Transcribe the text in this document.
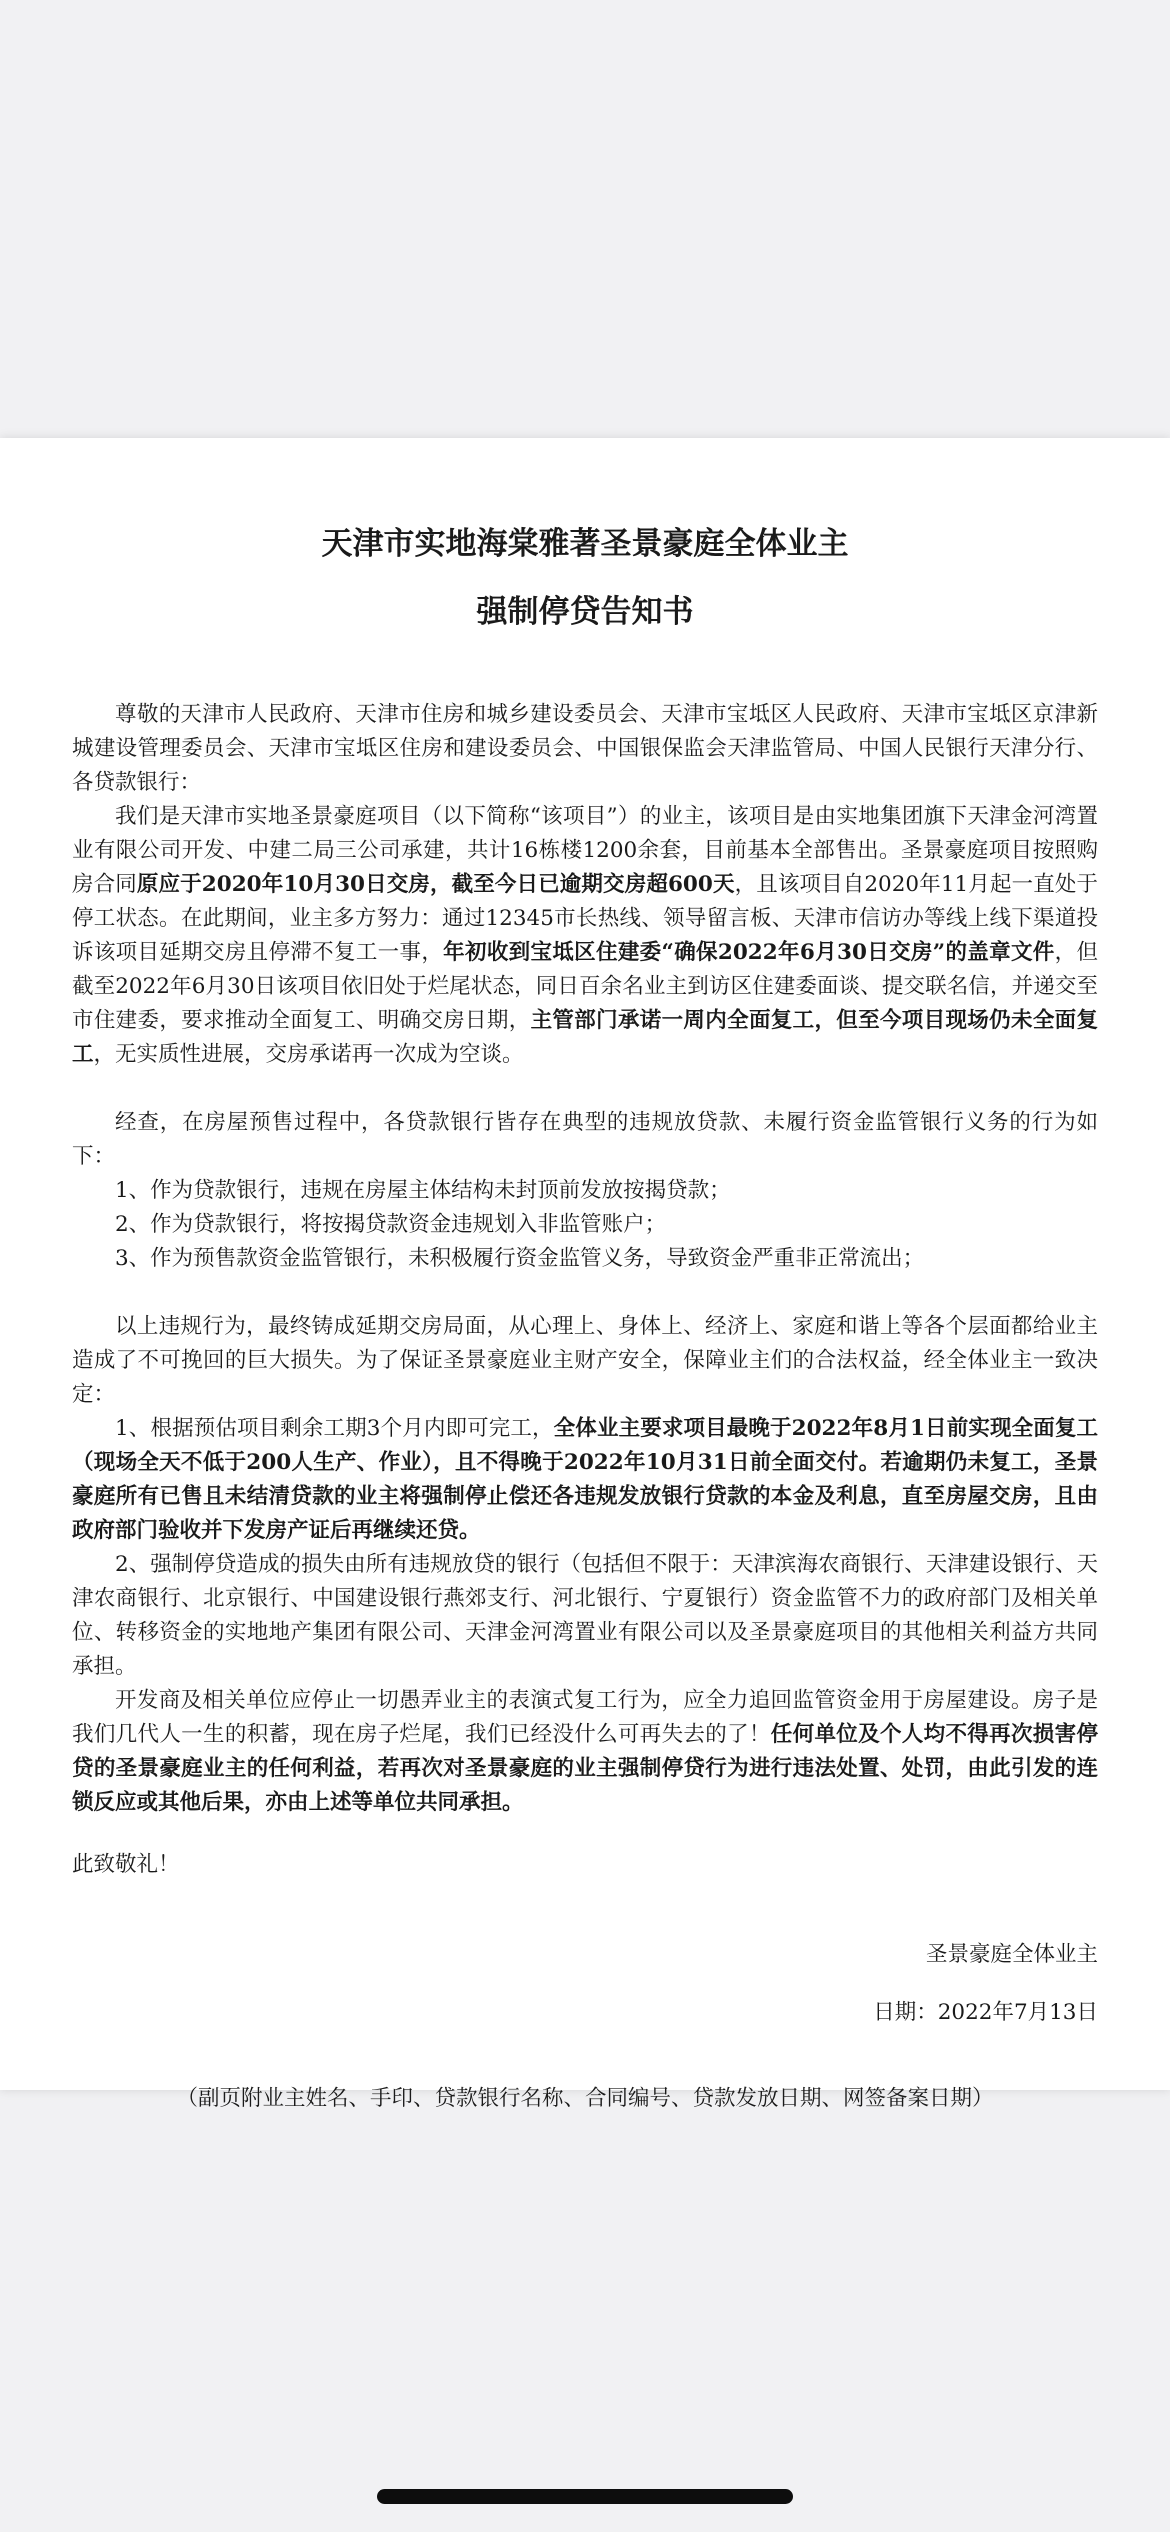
天津市实地海棠雅著圣景豪庭全体业主
强制停贷告知书

尊敬的天津市人民政府、天津市住房和城乡建设委员会、天津市宝坻区人民政府、天津市宝坻区京津新城建设管理委员会、天津市宝坻区住房和建设委员会、中国银保监会天津监管局、中国人民银行天津分行、各贷款银行：

我们是天津市实地圣景豪庭项目（以下简称“该项目”）的业主，该项目是由实地集团旗下天津金河湾置业有限公司开发、中建二局三公司承建，共计16栋楼1200余套，目前基本全部售出。圣景豪庭项目按照购房合同原应于2020年10月30日交房，截至今日已逾期交房超600天，且该项目自2020年11月起一直处于停工状态。在此期间，业主多方努力：通过12345市长热线、领导留言板、天津市信访办等线上线下渠道投诉该项目延期交房且停滞不复工一事，年初收到宝坻区住建委“确保2022年6月30日交房”的盖章文件，但截至2022年6月30日该项目依旧处于烂尾状态，同日百余名业主到访区住建委面谈、提交联名信，并递交至市住建委，要求推动全面复工、明确交房日期，主管部门承诺一周内全面复工，但至今项目现场仍未全面复工，无实质性进展，交房承诺再一次成为空谈。

经查，在房屋预售过程中，各贷款银行皆存在典型的违规放贷款、未履行资金监管银行义务的行为如下：

1、作为贷款银行，违规在房屋主体结构未封顶前发放按揭贷款；

2、作为贷款银行，将按揭贷款资金违规划入非监管账户；

3、作为预售款资金监管银行，未积极履行资金监管义务，导致资金严重非正常流出；

以上违规行为，最终铸成延期交房局面，从心理上、身体上、经济上、家庭和谐上等各个层面都给业主造成了不可挽回的巨大损失。为了保证圣景豪庭业主财产安全，保障业主们的合法权益，经全体业主一致决定：

1、根据预估项目剩余工期3个月内即可完工，全体业主要求项目最晚于2022年8月1日前实现全面复工（现场全天不低于200人生产、作业），且不得晚于2022年10月31日前全面交付。若逾期仍未复工，圣景豪庭所有已售且未结清贷款的业主将强制停止偿还各违规发放银行贷款的本金及利息，直至房屋交房，且由政府部门验收并下发房产证后再继续还贷。

2、强制停贷造成的损失由所有违规放贷的银行（包括但不限于：天津滨海农商银行、天津建设银行、天津农商银行、北京银行、中国建设银行燕郊支行、河北银行、宁夏银行）资金监管不力的政府部门及相关单位、转移资金的实地地产集团有限公司、天津金河湾置业有限公司以及圣景豪庭项目的其他相关利益方共同承担。

开发商及相关单位应停止一切愚弄业主的表演式复工行为，应全力追回监管资金用于房屋建设。房子是我们几代人一生的积蓄，现在房子烂尾，我们已经没什么可再失去的了！任何单位及个人均不得再次损害停贷的圣景豪庭业主的任何利益，若再次对圣景豪庭的业主强制停贷行为进行违法处置、处罚，由此引发的连锁反应或其他后果，亦由上述等单位共同承担。

此致敬礼！

圣景豪庭全体业主

日期：2022年7月13日

（副页附业主姓名、手印、贷款银行名称、合同编号、贷款发放日期、网签备案日期）
